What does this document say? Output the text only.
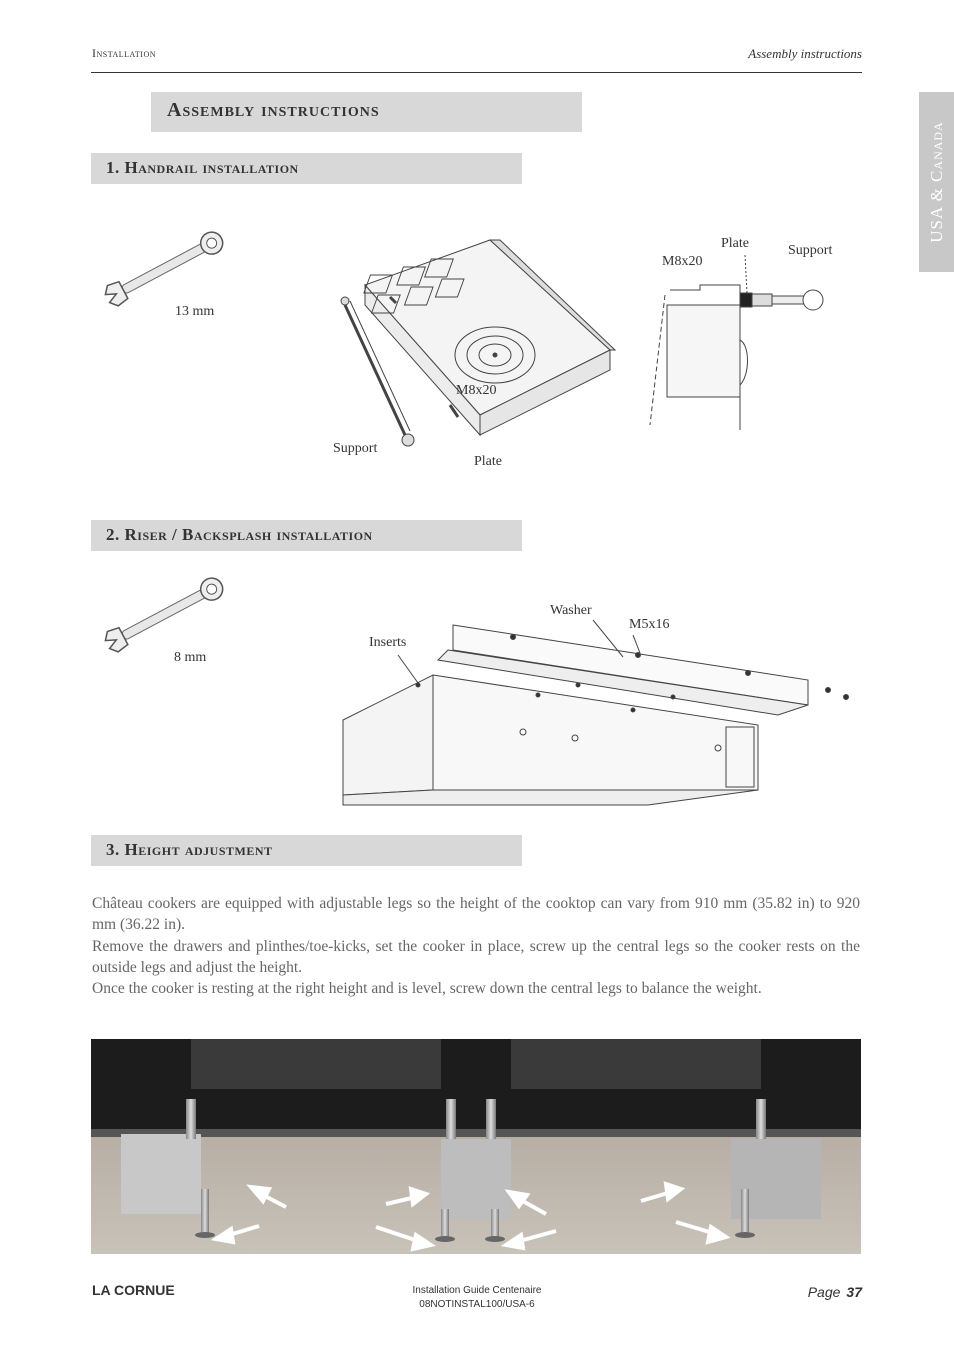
Installation	Assembly instructions
USA & Canada
Assembly instructions
1. Handrail installation
13 mm
M8x20
Support
Plate
Plate	Support
M8x20
2. Riser / Backsplash installation
8 mm
Inserts
Washer
M5x16
3. Height adjustment

Château cookers are equipped with adjustable legs so the height of the cooktop can vary from 910 mm (35.82 in) to 920 mm (36.22 in).

Remove the drawers and plinthes/toe-kicks, set the cooker in place, screw up the central legs so the cooker rests on the outside legs and adjust the height.

Once the cooker is resting at the right height and is level, screw down the central legs to balance the weight.

LA CORNUE	Installation Guide Centenaire
08NOTINSTAL100/USA-6
Page 37
